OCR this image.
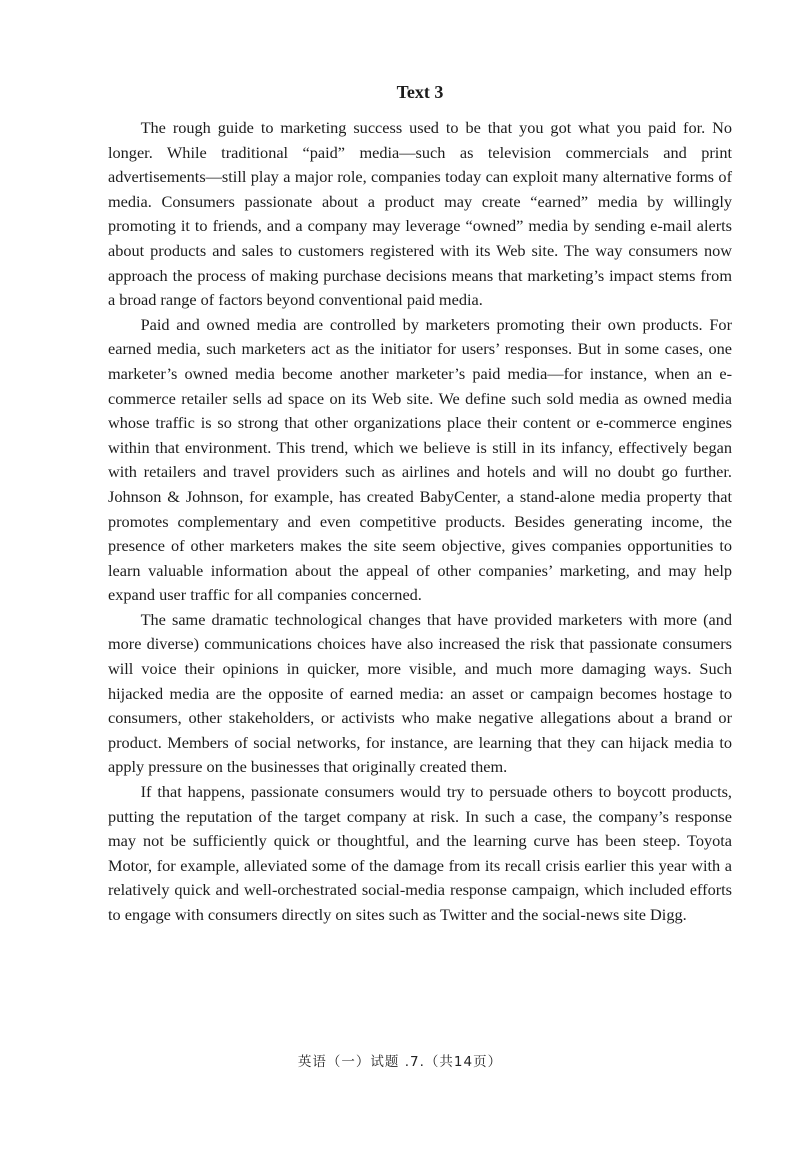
Text 3

The rough guide to marketing success used to be that you got what you paid for. No longer. While traditional “paid” media—such as television commercials and print advertisements—still play a major role, companies today can exploit many alternative forms of media. Consumers passionate about a product may create “earned” media by willingly promoting it to friends, and a company may leverage “owned” media by sending e-mail alerts about products and sales to customers registered with its Web site. The way consumers now approach the process of making purchase decisions means that marketing’s impact stems from a broad range of factors beyond conventional paid media.

Paid and owned media are controlled by marketers promoting their own products. For earned media, such marketers act as the initiator for users’ responses. But in some cases, one marketer’s owned media become another marketer’s paid media—for instance, when an e-commerce retailer sells ad space on its Web site. We define such sold media as owned media whose traffic is so strong that other organizations place their content or e-commerce engines within that environment. This trend, which we believe is still in its infancy, effectively began with retailers and travel providers such as airlines and hotels and will no doubt go further. Johnson & Johnson, for example, has created BabyCenter, a stand-alone media property that promotes complementary and even competitive products. Besides generating income, the presence of other marketers makes the site seem objective, gives companies opportunities to learn valuable information about the appeal of other companies’ marketing, and may help expand user traffic for all companies concerned.

The same dramatic technological changes that have provided marketers with more (and more diverse) communications choices have also increased the risk that passionate consumers will voice their opinions in quicker, more visible, and much more damaging ways. Such hijacked media are the opposite of earned media: an asset or campaign becomes hostage to consumers, other stakeholders, or activists who make negative allegations about a brand or product. Members of social networks, for instance, are learning that they can hijack media to apply pressure on the businesses that originally created them.

If that happens, passionate consumers would try to persuade others to boycott products, putting the reputation of the target company at risk. In such a case, the company’s response may not be sufficiently quick or thoughtful, and the learning curve has been steep. Toyota Motor, for example, alleviated some of the damage from its recall crisis earlier this year with a relatively quick and well-orchestrated social-media response campaign, which included efforts to engage with consumers directly on sites such as Twitter and the social-news site Digg.

英语（一）试题 .7.（共14页）
